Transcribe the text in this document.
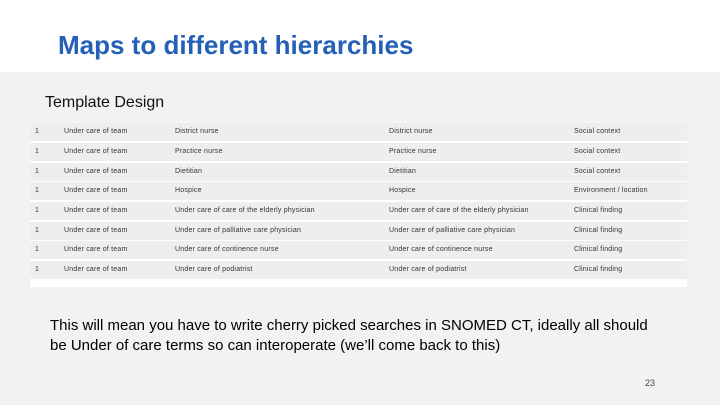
Maps to different hierarchies
Template Design
1	Under care of team	District nurse	District nurse	Social context
1	Under care of team	Practice nurse	Practice nurse	Social context
1	Under care of team	Dietitian	Dietitian	Social context
1	Under care of team	Hospice	Hospice	Environment / location
1	Under care of team	Under care of care of the elderly physician	Under care of care of the elderly physician	Clinical finding
1	Under care of team	Under care of palliative care physician	Under care of palliative care physician	Clinical finding
1	Under care of team	Under care of continence nurse	Under care of continence nurse	Clinical finding
1	Under care of team	Under care of podiatrist	Under care of podiatrist	Clinical finding
This will mean you have to write cherry picked searches in SNOMED CT, ideally all should be Under of care terms so can interoperate (we’ll come back to this)
23
